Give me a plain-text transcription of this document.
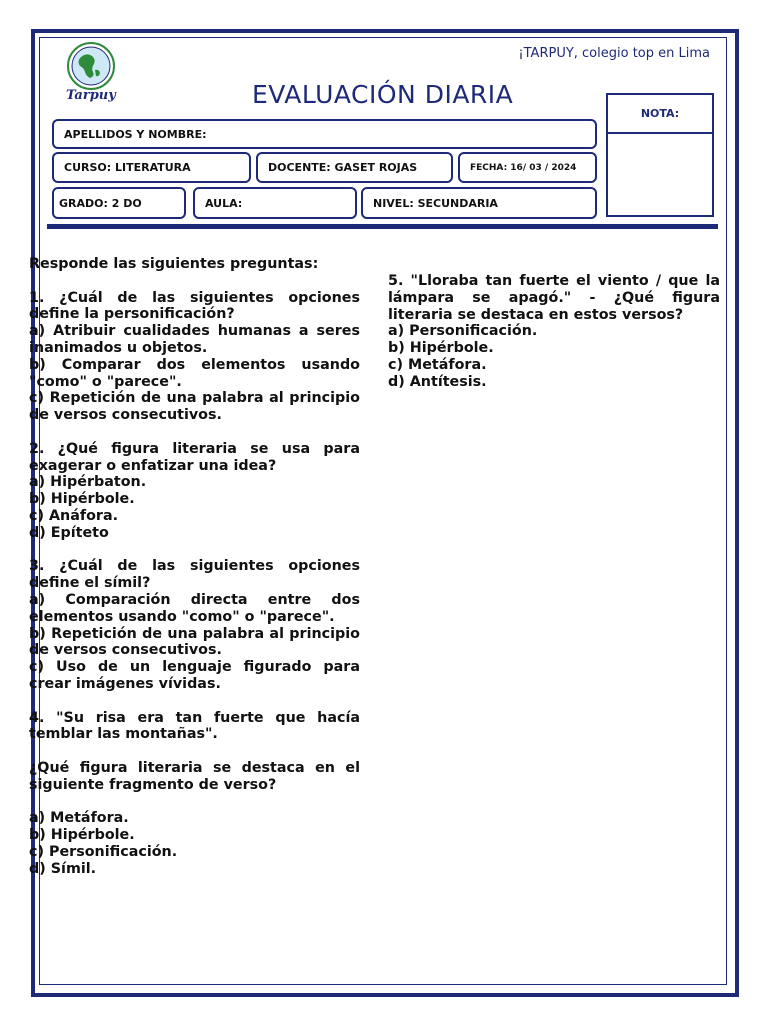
Tarpuy
¡TARPUY, colegio top en Lima
EVALUACIÓN DIARIA
NOTA:
APELLIDOS Y NOMBRE:
CURSO: LITERATURA	DOCENTE: GASET ROJAS	FECHA: 16/ 03 / 2024
GRADO: 2 DO	AULA:	NIVEL: SECUNDARIA

Responde las siguientes preguntas:

1. ¿Cuál de las siguientes opciones define la personificación?

a) Atribuir cualidades humanas a seres inanimados u objetos.

b) Comparar dos elementos usando "como" o "parece".

c) Repetición de una palabra al principio de versos consecutivos.

2. ¿Qué figura literaria se usa para exagerar o enfatizar una idea?

a) Hipérbaton.

b) Hipérbole.

c) Anáfora.

d) Epíteto

3. ¿Cuál de las siguientes opciones define el símil?

a) Comparación directa entre dos elementos usando "como" o "parece".

b) Repetición de una palabra al principio de versos consecutivos.

c) Uso de un lenguaje figurado para crear imágenes vívidas.

4. "Su risa era tan fuerte que hacía temblar las montañas".

¿Qué figura literaria se destaca en el siguiente fragmento de verso?

a) Metáfora.

b) Hipérbole.

c) Personificación.

d) Símil.

5. "Lloraba tan fuerte el viento / que la lámpara se apagó." - ¿Qué figura literaria se destaca en estos versos?

a) Personificación.

b) Hipérbole.

c) Metáfora.

d) Antítesis.
